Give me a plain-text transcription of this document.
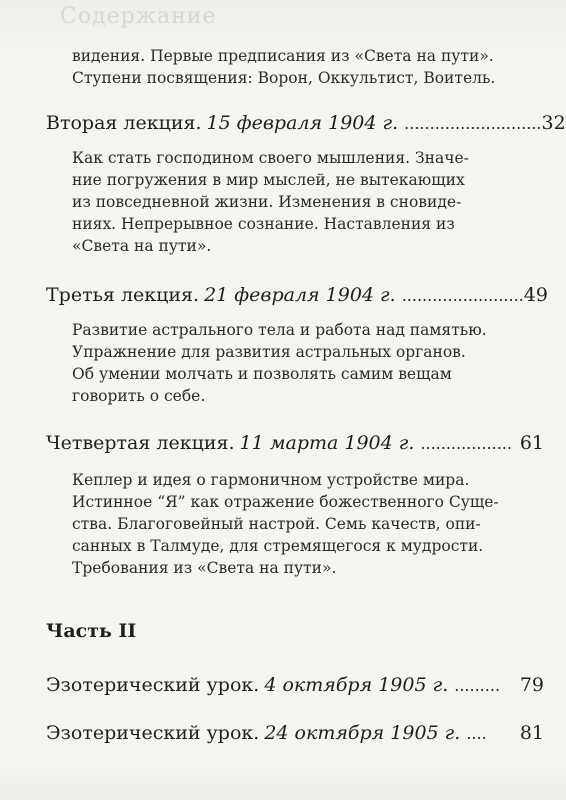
Содержание
видения. Первые предписания из «Света на пути».
Ступени посвящения: Ворон, Оккультист, Воитель.
Вторая лекция. 15 февраля 1904 г. ........................... 32
Как стать господином своего мышления. Значе-
ние погружения в мир мыслей, не вытекающих
из повседневной жизни. Изменения в сновиде-
ниях. Непрерывное сознание. Наставления из
«Света на пути».
Третья лекция. 21 февраля 1904 г. ........................ 49
Развитие астрального тела и работа над памятью.
Упражнение для развития астральных органов.
Об умении молчать и позволять самим вещам
говорить о себе.
Четвертая лекция. 11 марта 1904 г. .................. 61
Кеплер и идея о гармоничном устройстве мира.
Истинное “Я” как отражение божественного Суще-
ства. Благоговейный настрой. Семь качеств, опи-
санных в Талмуде, для стремящегося к мудрости.
Требования из «Света на пути».
Часть II
Эзотерический урок. 4 октября 1905 г. ......... 79
Эзотерический урок. 24 октября 1905 г. .... 81
